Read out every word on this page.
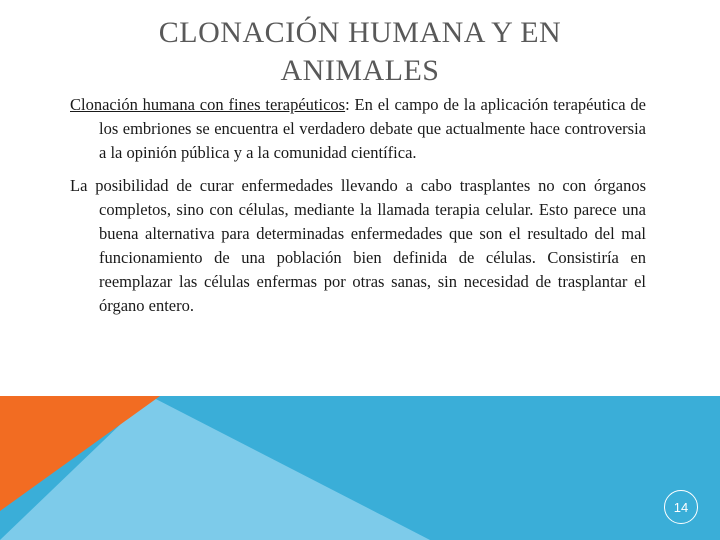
CLONACIÓN HUMANA Y EN
ANIMALES

Clonación humana con fines terapéuticos: En el campo de la aplicación terapéutica de los embriones se encuentra el verdadero debate que actualmente hace controversia a la opinión pública y a la comunidad científica.

La posibilidad de curar enfermedades llevando a cabo trasplantes no con órganos completos, sino con células, mediante la llamada terapia celular. Esto parece una buena alternativa para determinadas enfermedades que son el resultado del mal funcionamiento de una población bien definida de células. Consistiría en reemplazar las células enfermas por otras sanas, sin necesidad de trasplantar el órgano entero.

14
